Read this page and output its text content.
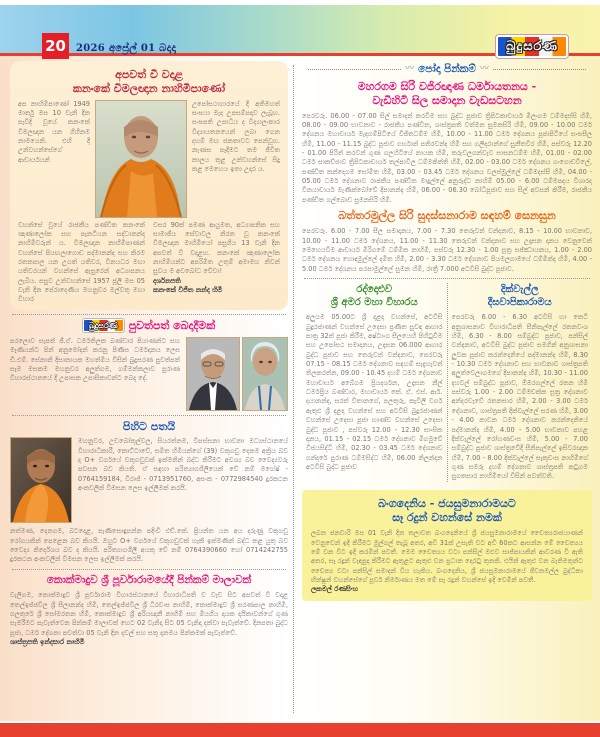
20 2026 අප්‍රේල් 01 බදාදා	බුදුසරණ
අපවත් වී වදාළ
කනංකේ විමලඥාන නාහිමිපාණෝ

අප නාහිමිපාණෝ 1949 මාර්තු මස 10 වැනි දින පැවිදි වූයේ කනංකේ විමලඥාන යන ගිහිනම නාමයෙනි. එහි දී උන්වහන්සේගේ ආචාර්යයන්

උපෝසථාගාරයේ දී අතිමහත් සංඝයා මැද උපසම්පදාව ලැබූහ. සංඝපති උපාධිය ද විද්‍යාලංකාර විද්‍යායතනයෙන් ලබා ගෙන දහම් මඟ ජනතාවට පෙන්වූහ. නැණස පෑදීමට තම ජීවිත කාලය තුළ උන්වහන්සේ සිදු කළ මෙහෙය ඉතා උදාර ය.

වහන්සේ වූයේ රාජකීය පණ්ඩිත කනංකේ ඤාණාලෝක සහ පැනටියන සද්ධානන්ද නාහිමිවරුන් ය. විමලඥාන නාහිමිපාණන් වහන්සේ පියඟලාගොඩ පද්මානන්ද සහ කිරම රතනපාල යන උගත් යතිවර, විනයධර මහා යතිවරයන් වහන්සේ ඇසුරෙන් අධ්‍යාපනය ලැබීය. පසුව උන්වහන්සේ 1957 ජූලි මස 05 වැනි දින පේරාදෙණිය මහනුවර මල්වතු මහා විහාර

වසර 90ක් පමණ ආයුමත, අධ්‍යාපනික සහ සාමාජීය සේවාවල නිරත වූ කනංකේ විමලඥාන මාහිමියෝ පසුගිය 13 වැනි දින අපවත් වී වදාළහ. කනංකේ ඤාණාලෝක නාහිමියන්ට අපරිමිත උතුම් අමාමහ නිවන් සුවය ම අවබෝධ වේවා!

දර්ශනපති
කනංකේ විජිත නන්ද හිමි
බුදුසරණ පුවත්පත් බෙදාදීමක්

පරලොව සැපත් ජී.ඒ. ධර්මතිලක බණ්ඩාර පියාණන්ට සහ මෑණියන්ට පින් අනුමෝදන් කරනු පිණිස ධර්මදානය ලෙස ඩී.එම්. සේනානි දිසානායක මහත්මිය විසින් බුදුසරණ පුවත්පත් සෑම මසකම මහනුවර අලුත්ගම, ගම්මන්කලාව පුරාණ විහාරස්ථානයේ දී උපාසක උපාසිකාවන්ට බෙදා දේ.

පිහිට පතයි

මහනුවර, උඩබෝකුල්වල, සියරත්නම, විපස්සනා භාවනා මධ්‍යස්ථානයේ විහාරාධිකාරී, කොට්ටාවේ, සමිත හිමියන්ගේ (39) වකුගඩු දෙකම අක්‍රිය බව ද O+ වර්ගයේ වකුගඩුවක් ඉක්මනින් බද්ධ කිරීමට අවශ්‍ය බව වෛද්‍යවරු පවසන බව කියති. ඒ සඳහා පරිත්‍යාගශීලියෙක් වේ නම් මහේෂ් - 0764159184, වීරාජ් - 0713951760, අසංක - 0772984540 දුරකථන අංකවලින් විමසන ලෙස ඉල්ලීමක් කරයි.

නත්මණ, දෙනගම, බටදොළ, පැණිසොඳුපන්න පදිංචි එච්.කේ. ප්‍රියන්ත යන අය දරුණු වකුගඩු රෝගයකින් පෙළෙන බව කියයි. ඔහුට O+ වර්ගයේ වකුගඩුවක් හැකි ඉක්මණින් බද්ධ කළ යුතු බව වෛද්‍ය නිර්දේශය බව ද කියයි. පරිත්‍යාගශීලී අයකු වේ නම් 0764390660 හෝ 0714242755 දුරකථන අංකවලින් විමසන ලෙස ඉල්ලීමක් කරයි.

කොක්මාදුව ශ්‍රී පූර්වාරාමයේදී පින්කම් මාලාවක්

වැලිගම, කොක්මාදුව ශ්‍රී පූර්වාරාම විහාරස්ථානයේ විහාරාධිපති ව වැඩ සිට අපවත් වී වදාළ තෙල්ඉජ්ජවිල ශ්‍රී සීලානන්ද හිමි, තෙල්ඉජ්ජවිල ශ්‍රී ධීරවංස නාහිමි, කොක්මාදුව ශ්‍රී සරණපාල නාහිමි, ගලතුරේ ශ්‍රී සෝමරතන හිමි, කොක්මාදුව ශ්‍රී අරියඥානී නාහිමි සහ මියගිය දායක දායිකාවන්ගේ ගුණ සැමරීමට පැවැත්වෙන පින්කම් මාලාවක් හෙට 02 වැනිදා සිට 05 වැනිදා දක්වා පැවැත්වේ. දිනපතා බුද්ධ පූජා, ධර්ම දේශනා පවත්වා 05 වැනි දින දවල් සහ සතු දානමය පින්කමක් පැවැත්වේ.

ශාස්ත්‍රපති ඉන්දසාර නාහිමි
〰 පෝදා පින්කම් 〰
මහරගම සිරි වජිරඥාණ ධර්මායතනය -
වැඩිහිටි සිල සමාදාන වැඩසටහන

පෙරවරු. 06.00 - 07.00 සිල් සමාදන් කරවීම සහ බුද්ධ පූජාව ත්‍රිපිටකාචාර්ය මිලංගම ධම්මදස්සි හිමි, 08.00 - 09.00 භාවනාව - රාජකීය පණ්ඩිත, ශාස්ත්‍රපති වත්මන සුමනසිරි හිමි, 09.00 - 10.00 ධර්ම දේශනය මහාචාර්ය මැදගම්පිටියේ විජිතධම්ම හිමි, 10.00 - 11.00 ධර්ම දේශනය පූජාපිටියේ සංඝසීල හිමි, 11.00 - 11.15 බුද්ධ පූජාව ගර්භාන් පතිරවන්ද හිමි සහ ගලිදරාන්ගේ සුනීතවීර හිමි, පස්වරු 12.20 - 01.00 පිරිත් කරවන් ගුණ ගලහිටියේ නායක හිමි, තරුවලගන්වැව සාසනධම්ම හිමි, 01.00 - 02.00 ධර්ම සාකච්ඡාව ත්‍රිපිටකාචාර්ය තල්පාවිල ධම්මකිත්ති හිමි, 02.00 - 03.00 ධර්ම දේශනය ගංගොඩවිලේ, පණ්ඩිත කන්දෙගම සෝමිත හිමි, 03.00 - 03.45 ධර්ම දේශනය වලස්මුල්ලේ ධම්මදස්සි හිමි, 04.00 - 05.00 ධර්ම දේශනාව රාජකීය පණ්ඩිත මාදුල්ලේ අනුරුද්ධ නාහිමි 05.00 - 6.00 ධම්මපදය විශාරද විනයාචාර්ය මැණික්බෝවේ දීපානන්ද හිමි, 06.00 - 06.30 බෝධිපූජාව සහ සිල් අවසන් කිරීම, රාජකීය පණ්ඩිත ගල්බොඩ සුමනසිරි හිමි.

බත්තරමුල්ල සිරි සුදස්සනාරාම සඳහම් සෙනසුන

පෙරවරු. 6.00 - 7.00 සීල සමාදානය, 7.00 - 7.30 තෙරුවන් වන්දනාව, 8.15 - 10.00 භාවනාව, 10.00 - 11.00 ධර්ම දේශනය, 11.00 - 11.30 තෙරුවන් වන්දනාව සහ උදෑසන දානය වෙනුවෙන් මෙහෙයවීම ආචාර්ය මීරිගමේ ධම්මික නාහිමි, පස්වරු 12.30 - 1.00 සූත්‍ර සජ්ඣායනය, 1.00 - 2.00 ධර්ම දේශනය හොඳමුල්ලේ දමිත හිමි, 2.00 - 3.30 ධර්ම දේශනාව පියමලගාමයේ ධම්මින්ද හිමි, 4.00 - 5.00 ධර්ම දේශනය පරපාමුල්ලේ සුමන හිමි, රාත්‍රී 7.000 අටවිසි බුද්ධ පූජාව.

රද්දොළුව
ශ්‍රී අමර මහා විහාරය

අලුයම 05.00ට ශ්‍රී දළදා වහන්සේ, අටවිසි බුදුරජාණන් වහන්සේ උදෙසා ප්‍රණීත සුවඳ ආහාර පාත්‍ර 32ක් පූජා කිරීම, අෂ්ටාංග සීලයෙහි පිහිටුවීම සහ උපෝසථ සමාදානය, උදෑසන 06.000 ආහාර බුද්ධ පූජාව සහ තෙරුවන් වන්දනාව, පෙරවරු 07.15 - 08.15 ධර්ම දේශනාව සඳහම් සැදැහැවත් තිලකරත්න, 09.00 - 10.45 දහම් ධර්ම දේශනාව මහාචාර්ය අබේගම ප්‍රියදර්ශන, උදෑසන නීල් ධර්මප්‍රිය බණ්ඩාර, මහාචාර්ය කේ. ඒ. එස්. ආර්. දයානන්ද, සරත් විතානගේ, පලතුරු, කැවිලි වර්ග ඇතුළු ශ්‍රී දළදා වහන්සේ සහ අටවිසි බුදුරජාණන් වහන්සේ උදෙසා පූජා භාණ්ඩ වහන්සේ උදෙසා බුද්ධ පූජාව , පස්වරු 12.00 - 12.30 සාංඝික දානය, 01.15 - 02.15 ධර්ම දේශනාව මීගමුවේ විජයසිද්ධි හිමි, 02.30 - 03.45 ධර්ම දේශනාව ගන්දරේ පුරාණ ධම්මසිද්ධ හිමි, 06.00 නිලන්දන අටවිසි බුද්ධ පූජාව

දික්වැල්ල
දීඝවාපිකාරාමය

පෙරවරු 6.00 - 6.30 අටවිසි හා කෙටි අනුශාසනාව විහාරාධිපති සීනිපැල්ලේ රතනවංශ හිමි, 6.30 - 8.00 සම්බුද්ධ පූජාව, පන්සිල් වන්දනාව, අටවිසි බුද්ධ පූජාව සමගින් අනුශාසනා ලුවක පූජාව කරන්දෙනියේ පද්මානන්ද හිමි, 8.30 - 10.30 ධර්ම දේශනාව සහ භාවනාව ශාස්ත්‍රපති අලුත්වෙලාගමගේ දීපානන්ද හිමි, 10.30 - 11.00 දහවල් සම්බුද්ධ පූජාව, ඕමරගල්ලේ රතන හිමි පස්වරු 1.00 - 2.00 ධම්මචක්ක සූත්‍ර දේශනාව අන්දරවැවේ රතනසාර හිමි, 2.00 - 3.00 ධර්ම දේශනාව, ශාස්ත්‍රපති දික්වැල්ලේ සරණ හිමි, 3.00 - 4.00 කාවන ධර්ම දේශනාව කරන්දෙනියේ පද්මානන්ද හිමි, 4.00 - 5.00 භාවනාව පහළ දික්වැල්ලේ රෝහණවංස හිමි, 5.00 - 7.00 සම්බුද්ධ පූජාව ශාස්ත්‍රවේදී සීනිපැල්ලේ ඉසිවරඥාන හිමි, 7.00 - 8.00 දික්වැල්ලේ සෑකුවංස නාහිමිගේ ගුණ සමරු දහම් දේශනාව ශාස්ත්‍රපති කටුගම සුගතසාර නාහිමියෝ විසින් පවත්වති.

බංගදෙනිය - ජයසුමනාරාමයට
සෑ රදුන් වහන්සේ නමක්

ලබන ජනවාරි මස 01 වැනි දින තලාවත බංගදෙනියේ ශ්‍රී ජයසුමනාරාමයේ චෛත්‍යරාජයාණන් වෙනුවෙන් ඉදි කිරීමට මුල්ගල් තැබූ අතර, අඩි 31ක් උසැති වට අඩි 60කට ආසන්න මේ චෛත්‍යය මේ වන විට ඉදි කරමින් පවතී. මෙම චෛත්‍යය වටා පන්සිල් මළුව සාජ්පායකින් ආවරණ වී ඇති අතර, සෑ රදුන් වැඳපුදා කිරීමට ඇතුළට ඇතුළු වන ප්‍රධාන දොරටු තුනකි. එයින් ඇතුළු වන බැතිමතුන්ට චෛත්‍ය වටා පන්සිල් සමාදන් විය හැකිය. බංගදෙනිය, ශ්‍රී ජයසුමනාරාමයේ ජීවනමල්ල බුද්ධිකා භික්ෂූන් වහන්සේගේ පූර්ව නිර්මාණය මත මේ සෑ රදුන් වහන්සේ ඉදි වෙමින් පවතී.

ලකමල් රණසිංහ
